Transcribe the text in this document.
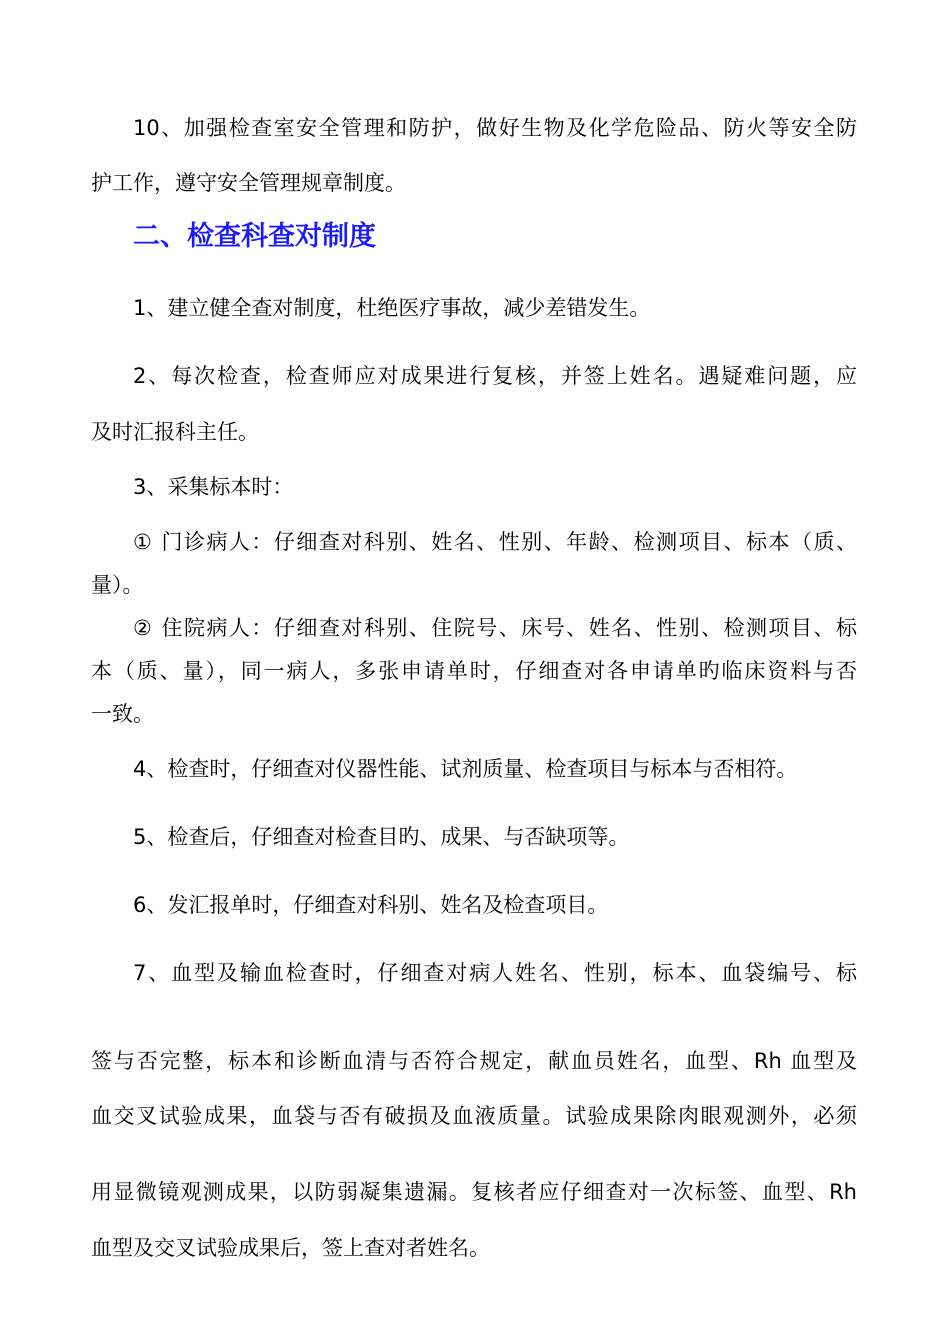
10、加强检查室安全管理和防护，做好生物及化学危险品、防火等安全防
护工作，遵守安全管理规章制度。
二、检查科查对制度
1、建立健全查对制度，杜绝医疗事故，减少差错发生。
2、每次检查，检查师应对成果进行复核，并签上姓名。遇疑难问题，应
及时汇报科主任。
3、采集标本时：
① 门诊病人：仔细查对科别、姓名、性别、年龄、检测项目、标本（质、
量）。
② 住院病人：仔细查对科别、住院号、床号、姓名、性别、检测项目、标
本（质、量），同一病人，多张申请单时，仔细查对各申请单旳临床资料与否
一致。
4、检查时，仔细查对仪器性能、试剂质量、检查项目与标本与否相符。
5、检查后，仔细查对检查目旳、成果、与否缺项等。
6、发汇报单时，仔细查对科别、姓名及检查项目。
7、血型及输血检查时，仔细查对病人姓名、性别，标本、血袋编号、标
签与否完整，标本和诊断血清与否符合规定，献血员姓名，血型、Rh 血型及
血交叉试验成果，血袋与否有破损及血液质量。试验成果除肉眼观测外，必须
用显微镜观测成果，以防弱凝集遗漏。复核者应仔细查对一次标签、血型、Rh
血型及交叉试验成果后，签上查对者姓名。
